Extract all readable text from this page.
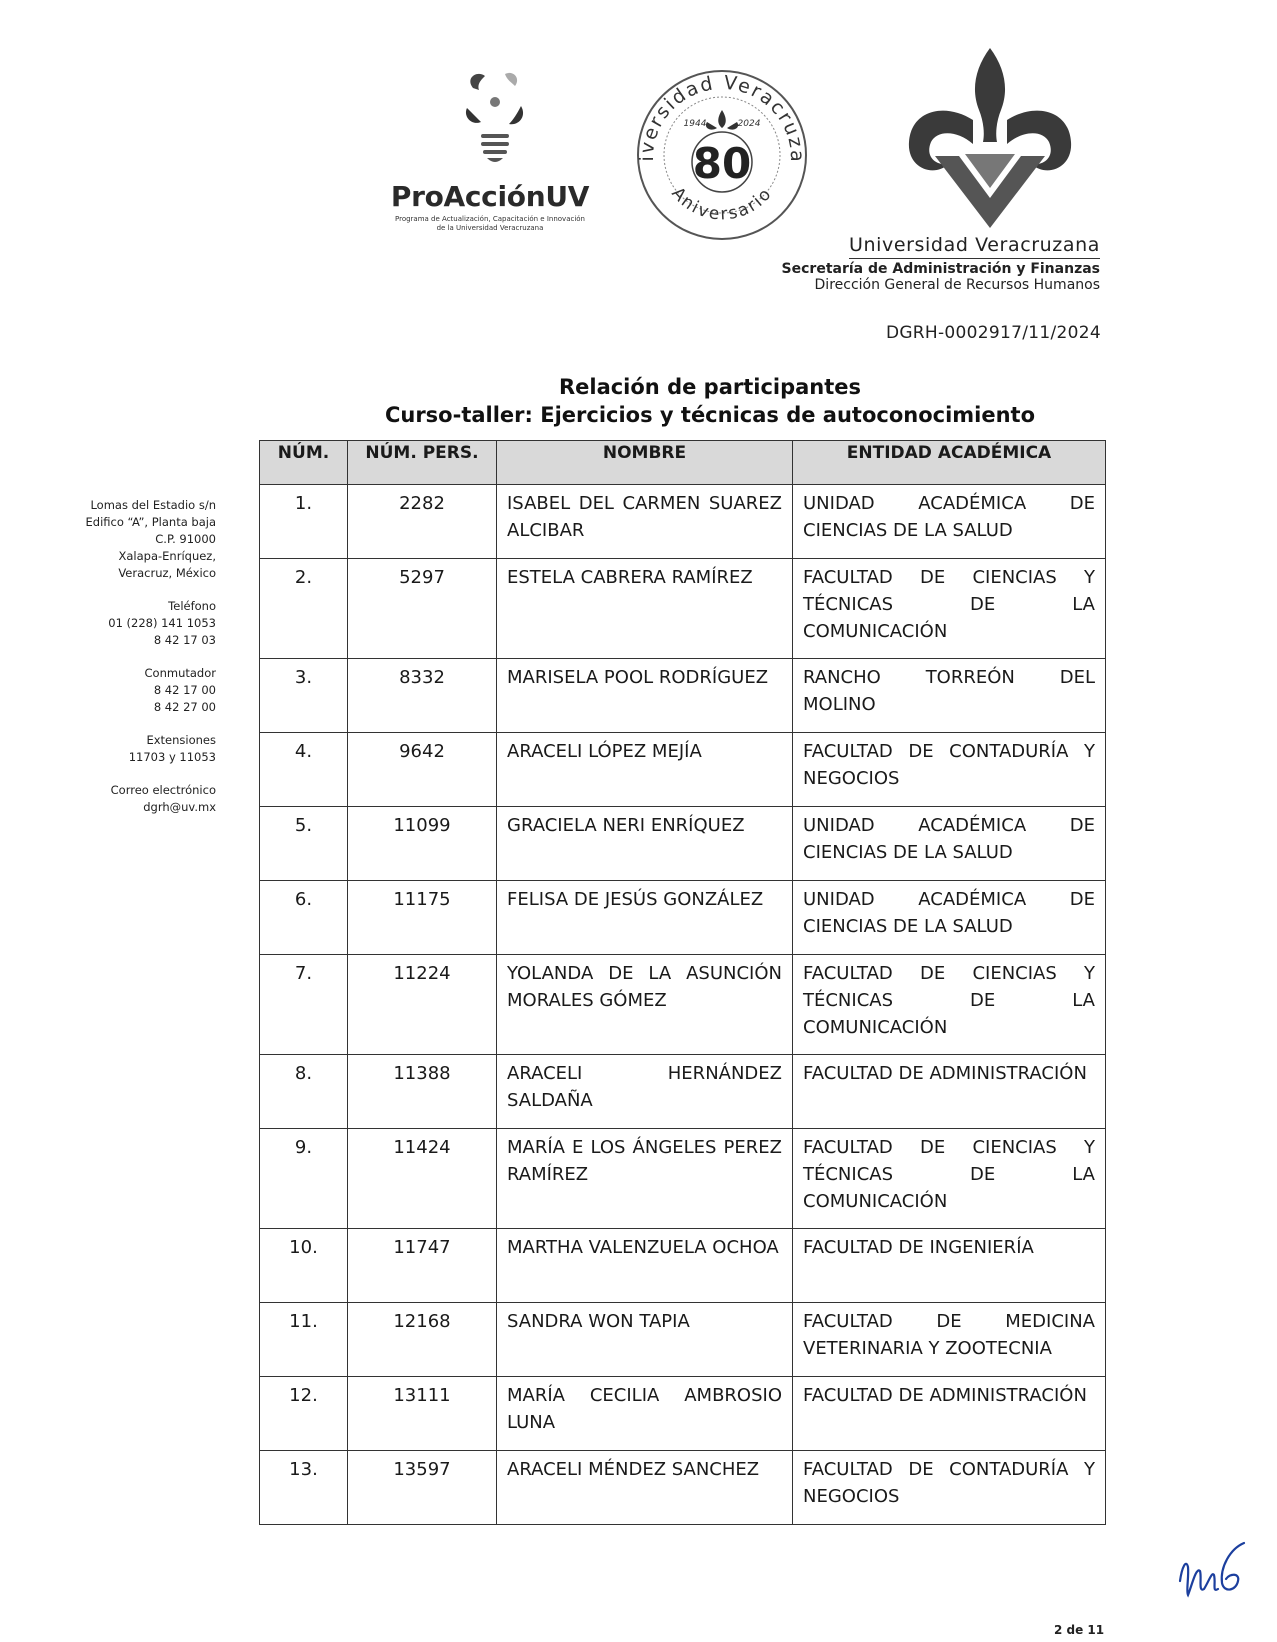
ProAcciónUV
Programa de Actualización, Capacitación e Innovación
de la Universidad Veracruzana
iversidad Veracruza
Aniversario
1944	2024
80
Universidad Veracruzana
Secretaría de Administración y Finanzas
Dirección General de Recursos Humanos
DGRH-0002917/11/2024
Relación de participantes
Curso-taller: Ejercicios y técnicas de autoconocimiento
Lomas del Estadio s/n
Edifico “A”, Planta baja
C.P. 91000
Xalapa-Enríquez,
Veracruz, México
Teléfono
01 (228) 141 1053
8 42 17 03
Conmutador
8 42 17 00
8 42 27 00
Extensiones
11703 y 11053
Correo electrónico
dgrh@uv.mx
NÚM.	NÚM. PERS.	NOMBRE	ENTIDAD ACADÉMICA
1.	2282	ISABEL DEL CARMEN SUAREZ ALCIBAR	UNIDAD ACADÉMICA DE CIENCIAS DE LA SALUD
2.	5297	ESTELA CABRERA RAMÍREZ	FACULTAD DE CIENCIAS Y TÉCNICAS DE LA COMUNICACIÓN
3.	8332	MARISELA POOL RODRÍGUEZ	RANCHO TORREÓN DEL MOLINO
4.	9642	ARACELI LÓPEZ MEJÍA	FACULTAD DE CONTADURÍA Y NEGOCIOS
5.	11099	GRACIELA NERI ENRÍQUEZ	UNIDAD ACADÉMICA DE CIENCIAS DE LA SALUD
6.	11175	FELISA DE JESÚS GONZÁLEZ	UNIDAD ACADÉMICA DE CIENCIAS DE LA SALUD
7.	11224	YOLANDA DE LA ASUNCIÓN MORALES GÓMEZ	FACULTAD DE CIENCIAS Y TÉCNICAS DE LA COMUNICACIÓN
8.	11388	ARACELI HERNÁNDEZ SALDAÑA	FACULTAD DE ADMINISTRACIÓN
9.	11424	MARÍA E LOS ÁNGELES PEREZ RAMÍREZ	FACULTAD DE CIENCIAS Y TÉCNICAS DE LA COMUNICACIÓN
10.	11747	MARTHA VALENZUELA OCHOA	FACULTAD DE INGENIERÍA
11.	12168	SANDRA WON TAPIA	FACULTAD DE MEDICINA VETERINARIA Y ZOOTECNIA
12.	13111	MARÍA CECILIA AMBROSIO LUNA	FACULTAD DE ADMINISTRACIÓN
13.	13597	ARACELI MÉNDEZ SANCHEZ	FACULTAD DE CONTADURÍA Y NEGOCIOS
2 de 11
